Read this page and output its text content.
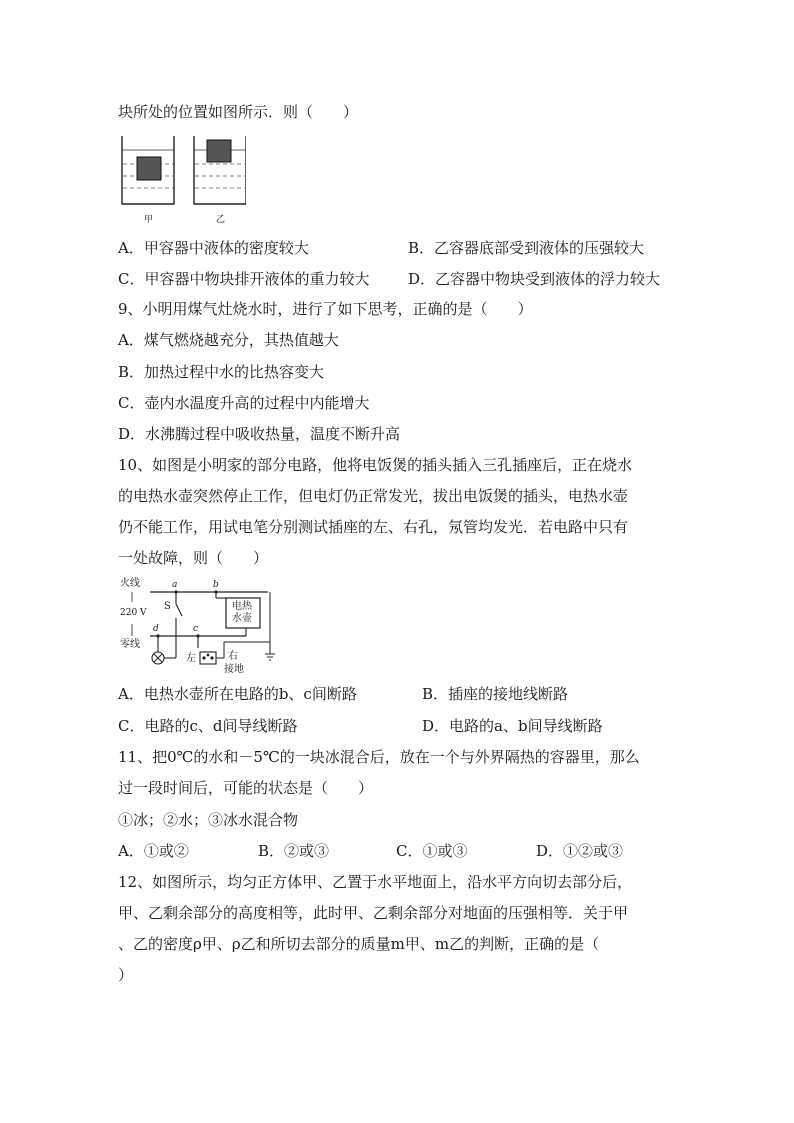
块所处的位置如图所示．则（　　）
甲	乙
A．甲容器中液体的密度较大	B．乙容器底部受到液体的压强较大
C．甲容器中物块排开液体的重力较大	D．乙容器中物块受到液体的浮力较大
9、小明用煤气灶烧水时，进行了如下思考，正确的是（　　）
A．煤气燃烧越充分，其热值越大
B．加热过程中水的比热容变大
C．壶内水温度升高的过程中内能增大
D．水沸腾过程中吸收热量，温度不断升高
10、如图是小明家的部分电路，他将电饭煲的插头插入三孔插座后，正在烧水
的电热水壶突然停止工作，但电灯仍正常发光，拔出电饭煲的插头，电热水壶
仍不能工作，用试电笔分别测试插座的左、右孔，氖管均发光．若电路中只有
一处故障，则（　　）
火线
220 V
零线
S
a	b
c
d
电热
水壶
左	右
接地
A．电热水壶所在电路的b、c间断路	B．插座的接地线断路
C．电路的c、d间导线断路	D．电路的a、b间导线断路
11、把0℃的水和－5℃的一块冰混合后，放在一个与外界隔热的容器里，那么
过一段时间后，可能的状态是（　　）
①冰；②水；③冰水混合物
A．①或②	B．②或③	C．①或③	D．①②或③
12、如图所示，均匀正方体甲、乙置于水平地面上，沿水平方向切去部分后，
甲、乙剩余部分的高度相等，此时甲、乙剩余部分对地面的压强相等．关于甲
、乙的密度ρ甲、ρ乙和所切去部分的质量m甲、m乙的判断，正确的是（
）
